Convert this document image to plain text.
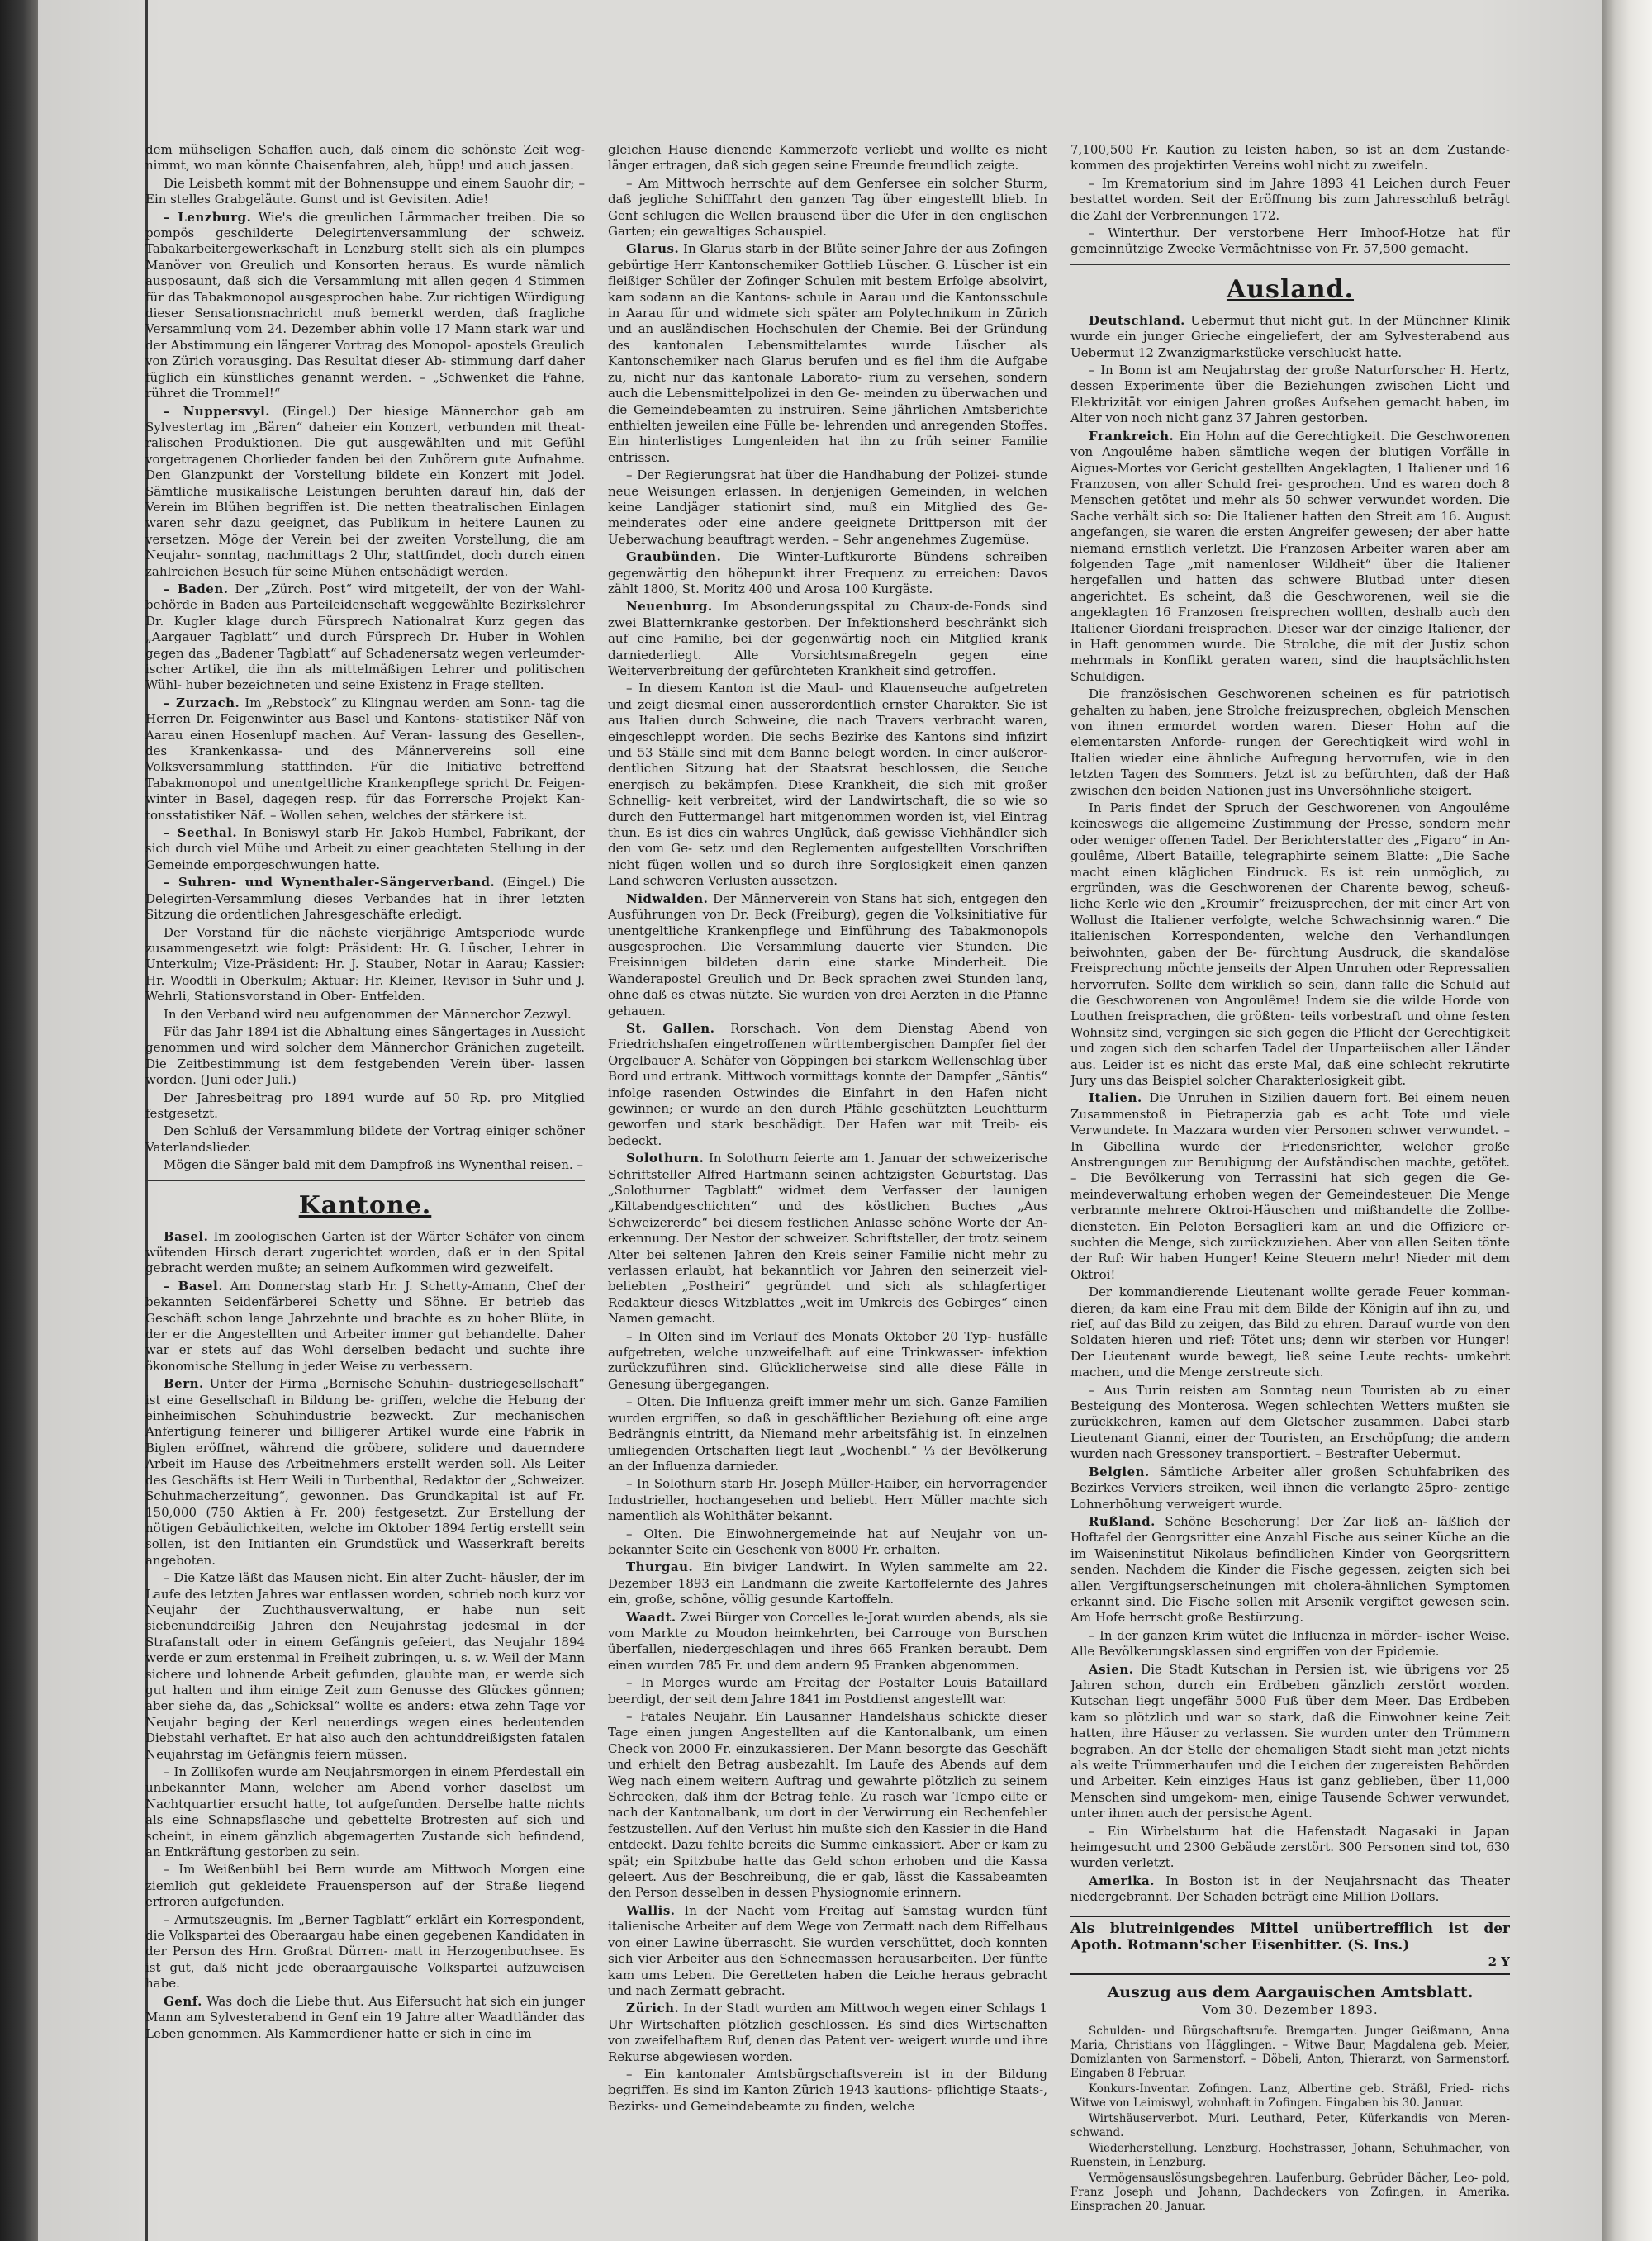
dem mühseligen Schaffen auch, daß einem die schönste Zeit weg- nimmt, wo man könnte Chaisenfahren, aleh, hüpp! und auch jassen.

Die Leisbeth kommt mit der Bohnensuppe und einem Sauohr dir; – Ein stelles Grabgeläute. Gunst und ist Gevisiten. Adie!

– Lenzburg. Wie's die greulichen Lärmmacher treiben. Die so pompös geschilderte Delegirtenversammlung der schweiz. Tabakarbeitergewerkschaft in Lenzburg stellt sich als ein plumpes Manöver von Greulich und Konsorten heraus. Es wurde nämlich ausposaunt, daß sich die Versammlung mit allen gegen 4 Stimmen für das Tabakmonopol ausgesprochen habe. Zur richtigen Würdigung dieser Sensationsnachricht muß bemerkt werden, daß fragliche Versammlung vom 24. Dezember abhin volle 17 Mann stark war und der Abstimmung ein längerer Vortrag des Monopol- apostels Greulich von Zürich vorausging. Das Resultat dieser Ab- stimmung darf daher füglich ein künstliches genannt werden. – „Schwenket die Fahne, rühret die Trommel!“

– Nuppersvyl. (Eingel.) Der hiesige Männerchor gab am Sylvestertag im „Bären“ daheier ein Konzert, verbunden mit theat- ralischen Produktionen. Die gut ausgewählten und mit Gefühl vorgetragenen Chorlieder fanden bei den Zuhörern gute Aufnahme. Den Glanzpunkt der Vorstellung bildete ein Konzert mit Jodel. Sämtliche musikalische Leistungen beruhten darauf hin, daß der Verein im Blühen begriffen ist. Die netten theatralischen Einlagen waren sehr dazu geeignet, das Publikum in heitere Launen zu versetzen. Möge der Verein bei der zweiten Vorstellung, die am Neujahr- sonntag, nachmittags 2 Uhr, stattfindet, doch durch einen zahlreichen Besuch für seine Mühen entschädigt werden.

– Baden. Der „Zürch. Post“ wird mitgeteilt, der von der Wahl- behörde in Baden aus Parteileidenschaft weggewählte Bezirkslehrer Dr. Kugler klage durch Fürsprech Nationalrat Kurz gegen das „Aargauer Tagblatt“ und durch Fürsprech Dr. Huber in Wohlen gegen das „Badener Tagblatt“ auf Schadenersatz wegen verleumder- ischer Artikel, die ihn als mittelmäßigen Lehrer und politischen Wühl- huber bezeichneten und seine Existenz in Frage stellten.

– Zurzach. Im „Rebstock“ zu Klingnau werden am Sonn- tag die Herren Dr. Feigenwinter aus Basel und Kantons- statistiker Näf von Aarau einen Hosenlupf machen. Auf Veran- lassung des Gesellen-, des Krankenkassa- und des Männervereins soll eine Volksversammlung stattfinden. Für die Initiative betreffend Tabakmonopol und unentgeltliche Krankenpflege spricht Dr. Feigen- winter in Basel, dagegen resp. für das Forrersche Projekt Kan- tonsstatistiker Näf. – Wollen sehen, welches der stärkere ist.

– Seethal. In Boniswyl starb Hr. Jakob Humbel, Fabrikant, der sich durch viel Mühe und Arbeit zu einer geachteten Stellung in der Gemeinde emporgeschwungen hatte.

– Suhren- und Wynenthaler-Sängerverband. (Eingel.) Die Delegirten-Versammlung dieses Verbandes hat in ihrer letzten Sitzung die ordentlichen Jahresgeschäfte erledigt.

Der Vorstand für die nächste vierjährige Amtsperiode wurde zusammengesetzt wie folgt: Präsident: Hr. G. Lüscher, Lehrer in Unterkulm; Vize-Präsident: Hr. J. Stauber, Notar in Aarau; Kassier: Hr. Woodtli in Oberkulm; Aktuar: Hr. Kleiner, Revisor in Suhr und J. Wehrli, Stationsvorstand in Ober- Entfelden.

In den Verband wird neu aufgenommen der Männerchor Zezwyl.

Für das Jahr 1894 ist die Abhaltung eines Sängertages in Aussicht genommen und wird solcher dem Männerchor Gränichen zugeteilt. Die Zeitbestimmung ist dem festgebenden Verein über- lassen worden. (Juni oder Juli.)

Der Jahresbeitrag pro 1894 wurde auf 50 Rp. pro Mitglied festgesetzt.

Den Schluß der Versammlung bildete der Vortrag einiger schöner Vaterlandslieder.

Mögen die Sänger bald mit dem Dampfroß ins Wynenthal reisen. –

Kantone.

Basel. Im zoologischen Garten ist der Wärter Schäfer von einem wütenden Hirsch derart zugerichtet worden, daß er in den Spital gebracht werden mußte; an seinem Aufkommen wird gezweifelt.

– Basel. Am Donnerstag starb Hr. J. Schetty-Amann, Chef der bekannten Seidenfärberei Schetty und Söhne. Er betrieb das Geschäft schon lange Jahrzehnte und brachte es zu hoher Blüte, in der er die Angestellten und Arbeiter immer gut behandelte. Daher war er stets auf das Wohl derselben bedacht und suchte ihre ökonomische Stellung in jeder Weise zu verbessern.

Bern. Unter der Firma „Bernische Schuhin- dustriegesellschaft“ ist eine Gesellschaft in Bildung be- griffen, welche die Hebung der einheimischen Schuhindustrie bezweckt. Zur mechanischen Anfertigung feinerer und billigerer Artikel wurde eine Fabrik in Biglen eröffnet, während die gröbere, solidere und dauerndere Arbeit im Hause des Arbeitnehmers erstellt werden soll. Als Leiter des Geschäfts ist Herr Weili in Turbenthal, Redaktor der „Schweizer. Schuhmacherzeitung“, gewonnen. Das Grundkapital ist auf Fr. 150,000 (750 Aktien à Fr. 200) festgesetzt. Zur Erstellung der nötigen Gebäulichkeiten, welche im Oktober 1894 fertig erstellt sein sollen, ist den Initianten ein Grundstück und Wasserkraft bereits angeboten.

– Die Katze läßt das Mausen nicht. Ein alter Zucht- häusler, der im Laufe des letzten Jahres war entlassen worden, schrieb noch kurz vor Neujahr der Zuchthausverwaltung, er habe nun seit siebenunddreißig Jahren den Neujahrstag jedesmal in der Strafanstalt oder in einem Gefängnis gefeiert, das Neujahr 1894 werde er zum erstenmal in Freiheit zubringen, u. s. w. Weil der Mann sichere und lohnende Arbeit gefunden, glaubte man, er werde sich gut halten und ihm einige Zeit zum Genusse des Glückes gönnen; aber siehe da, das „Schicksal“ wollte es anders: etwa zehn Tage vor Neujahr beging der Kerl neuerdings wegen eines bedeutenden Diebstahl verhaftet. Er hat also auch den achtunddreißigsten fatalen Neujahrstag im Gefängnis feiern müssen.

– In Zollikofen wurde am Neujahrsmorgen in einem Pferdestall ein unbekannter Mann, welcher am Abend vorher daselbst um Nachtquartier ersucht hatte, tot aufgefunden. Derselbe hatte nichts als eine Schnapsflasche und gebettelte Brotresten auf sich und scheint, in einem gänzlich abgemagerten Zustande sich befindend, an Entkräftung gestorben zu sein.

– Im Weißenbühl bei Bern wurde am Mittwoch Morgen eine ziemlich gut gekleidete Frauensperson auf der Straße liegend erfroren aufgefunden.

– Armutszeugnis. Im „Berner Tagblatt“ erklärt ein Korrespondent, die Volkspartei des Oberaargau habe einen gegebenen Kandidaten in der Person des Hrn. Großrat Dürren- matt in Herzogenbuchsee. Es ist gut, daß nicht jede oberaargauische Volkspartei aufzuweisen habe.

Genf. Was doch die Liebe thut. Aus Eifersucht hat sich ein junger Mann am Sylvesterabend in Genf ein 19 Jahre alter Waadtländer das Leben genommen. Als Kammerdiener hatte er sich in eine im

gleichen Hause dienende Kammerzofe verliebt und wollte es nicht länger ertragen, daß sich gegen seine Freunde freundlich zeigte.

– Am Mittwoch herrschte auf dem Genfersee ein solcher Sturm, daß jegliche Schifffahrt den ganzen Tag über eingestellt blieb. In Genf schlugen die Wellen brausend über die Ufer in den englischen Garten; ein gewaltiges Schauspiel.

Glarus. In Glarus starb in der Blüte seiner Jahre der aus Zofingen gebürtige Herr Kantonschemiker Gottlieb Lüscher. G. Lüscher ist ein fleißiger Schüler der Zofinger Schulen mit bestem Erfolge absolvirt, kam sodann an die Kantons- schule in Aarau und die Kantonsschule in Aarau für und widmete sich später am Polytechnikum in Zürich und an ausländischen Hochschulen der Chemie. Bei der Gründung des kantonalen Lebensmittelamtes wurde Lüscher als Kantonschemiker nach Glarus berufen und es fiel ihm die Aufgabe zu, nicht nur das kantonale Laborato- rium zu versehen, sondern auch die Lebensmittelpolizei in den Ge- meinden zu überwachen und die Gemeindebeamten zu instruiren. Seine jährlichen Amtsberichte enthielten jeweilen eine Fülle be- lehrenden und anregenden Stoffes. Ein hinterlistiges Lungenleiden hat ihn zu früh seiner Familie entrissen.

– Der Regierungsrat hat über die Handhabung der Polizei- stunde neue Weisungen erlassen. In denjenigen Gemeinden, in welchen keine Landjäger stationirt sind, muß ein Mitglied des Ge- meinderates oder eine andere geeignete Drittperson mit der Ueberwachung beauftragt werden. – Sehr angenehmes Zugemüse.

Graubünden. Die Winter-Luftkurorte Bündens schreiben gegenwärtig den höhepunkt ihrer Frequenz zu erreichen: Davos zählt 1800, St. Moritz 400 und Arosa 100 Kurgäste.

Neuenburg. Im Absonderungsspital zu Chaux-de-Fonds sind zwei Blatternkranke gestorben. Der Infektionsherd beschränkt sich auf eine Familie, bei der gegenwärtig noch ein Mitglied krank darniederliegt. Alle Vorsichtsmaßregeln gegen eine Weiterverbreitung der gefürchteten Krankheit sind getroffen.

– In diesem Kanton ist die Maul- und Klauenseuche aufgetreten und zeigt diesmal einen ausserordentlich ernster Charakter. Sie ist aus Italien durch Schweine, die nach Travers verbracht waren, eingeschleppt worden. Die sechs Bezirke des Kantons sind infizirt und 53 Ställe sind mit dem Banne belegt worden. In einer außeror- dentlichen Sitzung hat der Staatsrat beschlossen, die Seuche energisch zu bekämpfen. Diese Krankheit, die sich mit großer Schnellig- keit verbreitet, wird der Landwirtschaft, die so wie so durch den Futtermangel hart mitgenommen worden ist, viel Eintrag thun. Es ist dies ein wahres Unglück, daß gewisse Viehhändler sich den vom Ge- setz und den Reglementen aufgestellten Vorschriften nicht fügen wollen und so durch ihre Sorglosigkeit einen ganzen Land schweren Verlusten aussetzen.

Nidwalden. Der Männerverein von Stans hat sich, entgegen den Ausführungen von Dr. Beck (Freiburg), gegen die Volksinitiative für unentgeltliche Krankenpflege und Einführung des Tabakmonopols ausgesprochen. Die Versammlung dauerte vier Stunden. Die Freisinnigen bildeten darin eine starke Minderheit. Die Wanderapostel Greulich und Dr. Beck sprachen zwei Stunden lang, ohne daß es etwas nützte. Sie wurden von drei Aerzten in die Pfanne gehauen.

St. Gallen. Rorschach. Von dem Dienstag Abend von Friedrichshafen eingetroffenen württembergischen Dampfer fiel der Orgelbauer A. Schäfer von Göppingen bei starkem Wellenschlag über Bord und ertrank. Mittwoch vormittags konnte der Dampfer „Säntis“ infolge rasenden Ostwindes die Einfahrt in den Hafen nicht gewinnen; er wurde an den durch Pfähle geschützten Leuchtturm geworfen und stark beschädigt. Der Hafen war mit Treib- eis bedeckt.

Solothurn. In Solothurn feierte am 1. Januar der schweizerische Schriftsteller Alfred Hartmann seinen achtzigsten Geburtstag. Das „Solothurner Tagblatt“ widmet dem Verfasser der launigen „Kiltabendgeschichten“ und des köstlichen Buches „Aus Schweizererde“ bei diesem festlichen Anlasse schöne Worte der An- erkennung. Der Nestor der schweizer. Schriftsteller, der trotz seinem Alter bei seltenen Jahren den Kreis seiner Familie nicht mehr zu verlassen erlaubt, hat bekanntlich vor Jahren den seinerzeit viel- beliebten „Postheiri“ gegründet und sich als schlagfertiger Redakteur dieses Witzblattes „weit im Umkreis des Gebirges“ einen Namen gemacht.

– In Olten sind im Verlauf des Monats Oktober 20 Typ- husfälle aufgetreten, welche unzweifelhaft auf eine Trinkwasser- infektion zurückzuführen sind. Glücklicherweise sind alle diese Fälle in Genesung übergegangen.

– Olten. Die Influenza greift immer mehr um sich. Ganze Familien wurden ergriffen, so daß in geschäftlicher Beziehung oft eine arge Bedrängnis eintritt, da Niemand mehr arbeitsfähig ist. In einzelnen umliegenden Ortschaften liegt laut „Wochenbl.“ ⅓ der Bevölkerung an der Influenza darnieder.

– In Solothurn starb Hr. Joseph Müller-Haiber, ein hervorragender Industrieller, hochangesehen und beliebt. Herr Müller machte sich namentlich als Wohlthäter bekannt.

– Olten. Die Einwohnergemeinde hat auf Neujahr von un- bekannter Seite ein Geschenk von 8000 Fr. erhalten.

Thurgau. Ein biviger Landwirt. In Wylen sammelte am 22. Dezember 1893 ein Landmann die zweite Kartoffelernte des Jahres ein, große, schöne, völlig gesunde Kartoffeln.

Waadt. Zwei Bürger von Corcelles le-Jorat wurden abends, als sie vom Markte zu Moudon heimkehrten, bei Carrouge von Burschen überfallen, niedergeschlagen und ihres 665 Franken beraubt. Dem einen wurden 785 Fr. und dem andern 95 Franken abgenommen.

– In Morges wurde am Freitag der Postalter Louis Bataillard beerdigt, der seit dem Jahre 1841 im Postdienst angestellt war.

– Fatales Neujahr. Ein Lausanner Handelshaus schickte dieser Tage einen jungen Angestellten auf die Kantonalbank, um einen Check von 2000 Fr. einzukassieren. Der Mann besorgte das Geschäft und erhielt den Betrag ausbezahlt. Im Laufe des Abends auf dem Weg nach einem weitern Auftrag und gewahrte plötzlich zu seinem Schrecken, daß ihm der Betrag fehle. Zu rasch war Tempo eilte er nach der Kantonalbank, um dort in der Verwirrung ein Rechenfehler festzustellen. Auf den Verlust hin mußte sich den Kassier in die Hand entdeckt. Dazu fehlte bereits die Summe einkassiert. Aber er kam zu spät; ein Spitzbube hatte das Geld schon erhoben und die Kassa geleert. Aus der Beschreibung, die er gab, lässt die Kassabeamten den Person desselben in dessen Physiognomie erinnern.

Wallis. In der Nacht vom Freitag auf Samstag wurden fünf italienische Arbeiter auf dem Wege von Zermatt nach dem Riffelhaus von einer Lawine überrascht. Sie wurden verschüttet, doch konnten sich vier Arbeiter aus den Schneemassen herausarbeiten. Der fünfte kam ums Leben. Die Geretteten haben die Leiche heraus gebracht und nach Zermatt gebracht.

Zürich. In der Stadt wurden am Mittwoch wegen einer Schlags 1 Uhr Wirtschaften plötzlich geschlossen. Es sind dies Wirtschaften von zweifelhaftem Ruf, denen das Patent ver- weigert wurde und ihre Rekurse abgewiesen worden.

– Ein kantonaler Amtsbürgschaftsverein ist in der Bildung begriffen. Es sind im Kanton Zürich 1943 kautions- pflichtige Staats-, Bezirks- und Gemeindebeamte zu finden, welche

7,100,500 Fr. Kaution zu leisten haben, so ist an dem Zustande- kommen des projektirten Vereins wohl nicht zu zweifeln.

– Im Krematorium sind im Jahre 1893 41 Leichen durch Feuer bestattet worden. Seit der Eröffnung bis zum Jahresschluß beträgt die Zahl der Verbrennungen 172.

– Winterthur. Der verstorbene Herr Imhoof-Hotze hat für gemeinnützige Zwecke Vermächtnisse von Fr. 57,500 gemacht.

Ausland.

Deutschland. Uebermut thut nicht gut. In der Münchner Klinik wurde ein junger Grieche eingeliefert, der am Sylvesterabend aus Uebermut 12 Zwanzigmarkstücke verschluckt hatte.

– In Bonn ist am Neujahrstag der große Naturforscher H. Hertz, dessen Experimente über die Beziehungen zwischen Licht und Elektrizität vor einigen Jahren großes Aufsehen gemacht haben, im Alter von noch nicht ganz 37 Jahren gestorben.

Frankreich. Ein Hohn auf die Gerechtigkeit. Die Geschworenen von Angoulême haben sämtliche wegen der blutigen Vorfälle in Aigues-Mortes vor Gericht gestellten Angeklagten, 1 Italiener und 16 Franzosen, von aller Schuld frei- gesprochen. Und es waren doch 8 Menschen getötet und mehr als 50 schwer verwundet worden. Die Sache verhält sich so: Die Italiener hatten den Streit am 16. August angefangen, sie waren die ersten Angreifer gewesen; der aber hatte niemand ernstlich verletzt. Die Franzosen Arbeiter waren aber am folgenden Tage „mit namenloser Wildheit“ über die Italiener hergefallen und hatten das schwere Blutbad unter diesen angerichtet. Es scheint, daß die Geschworenen, weil sie die angeklagten 16 Franzosen freisprechen wollten, deshalb auch den Italiener Giordani freisprachen. Dieser war der einzige Italiener, der in Haft genommen wurde. Die Strolche, die mit der Justiz schon mehrmals in Konflikt geraten waren, sind die hauptsächlichsten Schuldigen.

Die französischen Geschworenen scheinen es für patriotisch gehalten zu haben, jene Strolche freizusprechen, obgleich Menschen von ihnen ermordet worden waren. Dieser Hohn auf die elementarsten Anforde- rungen der Gerechtigkeit wird wohl in Italien wieder eine ähnliche Aufregung hervorrufen, wie in den letzten Tagen des Sommers. Jetzt ist zu befürchten, daß der Haß zwischen den beiden Nationen just ins Unversöhnliche steigert.

In Paris findet der Spruch der Geschworenen von Angoulême keineswegs die allgemeine Zustimmung der Presse, sondern mehr oder weniger offenen Tadel. Der Berichterstatter des „Figaro“ in An- goulême, Albert Bataille, telegraphirte seinem Blatte: „Die Sache macht einen kläglichen Eindruck. Es ist rein unmöglich, zu ergründen, was die Geschworenen der Charente bewog, scheuß- liche Kerle wie den „Kroumir“ freizusprechen, der mit einer Art von Wollust die Italiener verfolgte, welche Schwachsinnig waren.“ Die italienischen Korrespondenten, welche den Verhandlungen beiwohnten, gaben der Be- fürchtung Ausdruck, die skandalöse Freisprechung möchte jenseits der Alpen Unruhen oder Repressalien hervorrufen. Sollte dem wirklich so sein, dann falle die Schuld auf die Geschworenen von Angoulême! Indem sie die wilde Horde von Louthen freisprachen, die größten- teils vorbestraft und ohne festen Wohnsitz sind, vergingen sie sich gegen die Pflicht der Gerechtigkeit und zogen sich den scharfen Tadel der Unparteiischen aller Länder aus. Leider ist es nicht das erste Mal, daß eine schlecht rekrutirte Jury uns das Beispiel solcher Charakterlosigkeit gibt.

Italien. Die Unruhen in Sizilien dauern fort. Bei einem neuen Zusammenstoß in Pietraperzia gab es acht Tote und viele Verwundete. In Mazzara wurden vier Personen schwer verwundet. – In Gibellina wurde der Friedensrichter, welcher große Anstrengungen zur Beruhigung der Aufständischen machte, getötet. – Die Bevölkerung von Terrassini hat sich gegen die Ge- meindeverwaltung erhoben wegen der Gemeindesteuer. Die Menge verbrannte mehrere Oktroi-Häuschen und mißhandelte die Zollbe- diensteten. Ein Peloton Bersaglieri kam an und die Offiziere er- suchten die Menge, sich zurückzuziehen. Aber von allen Seiten tönte der Ruf: Wir haben Hunger! Keine Steuern mehr! Nieder mit dem Oktroi!

Der kommandierende Lieutenant wollte gerade Feuer komman- dieren; da kam eine Frau mit dem Bilde der Königin auf ihn zu, und rief, auf das Bild zu zeigen, das Bild zu ehren. Darauf wurde von den Soldaten hieren und rief: Tötet uns; denn wir sterben vor Hunger! Der Lieutenant wurde bewegt, ließ seine Leute rechts- umkehrt machen, und die Menge zerstreute sich.

– Aus Turin reisten am Sonntag neun Touristen ab zu einer Besteigung des Monterosa. Wegen schlechten Wetters mußten sie zurückkehren, kamen auf dem Gletscher zusammen. Dabei starb Lieutenant Gianni, einer der Touristen, an Erschöpfung; die andern wurden nach Gressoney transportiert. – Bestrafter Uebermut.

Belgien. Sämtliche Arbeiter aller großen Schuhfabriken des Bezirkes Verviers streiken, weil ihnen die verlangte 25pro- zentige Lohnerhöhung verweigert wurde.

Rußland. Schöne Bescherung! Der Zar ließ an- läßlich der Hoftafel der Georgsritter eine Anzahl Fische aus seiner Küche an die im Waiseninstitut Nikolaus befindlichen Kinder von Georgsrittern senden. Nachdem die Kinder die Fische gegessen, zeigten sich bei allen Vergiftungserscheinungen mit cholera-ähnlichen Symptomen erkannt sind. Die Fische sollen mit Arsenik vergiftet gewesen sein. Am Hofe herrscht große Bestürzung.

– In der ganzen Krim wütet die Influenza in mörder- ischer Weise. Alle Bevölkerungsklassen sind ergriffen von der Epidemie.

Asien. Die Stadt Kutschan in Persien ist, wie übrigens vor 25 Jahren schon, durch ein Erdbeben gänzlich zerstört worden. Kutschan liegt ungefähr 5000 Fuß über dem Meer. Das Erdbeben kam so plötzlich und war so stark, daß die Einwohner keine Zeit hatten, ihre Häuser zu verlassen. Sie wurden unter den Trümmern begraben. An der Stelle der ehemaligen Stadt sieht man jetzt nichts als weite Trümmerhaufen und die Leichen der zugereisten Behörden und Arbeiter. Kein einziges Haus ist ganz geblieben, über 11,000 Menschen sind umgekom- men, einige Tausende Schwer verwundet, unter ihnen auch der persische Agent.

– Ein Wirbelsturm hat die Hafenstadt Nagasaki in Japan heimgesucht und 2300 Gebäude zerstört. 300 Personen sind tot, 630 wurden verletzt.

Amerika. In Boston ist in der Neujahrsnacht das Theater niedergebrannt. Der Schaden beträgt eine Million Dollars.

Als blutreinigendes Mittel unübertrefflich ist der Apoth. Rotmann'scher Eisenbitter. (S. Ins.)
2 Y
Auszug aus dem Aargauischen Amtsblatt.
Vom 30. Dezember 1893.

Schulden- und Bürgschaftsrufe. Bremgarten. Junger Geißmann, Anna Maria, Christians von Hägglingen. – Witwe Baur, Magdalena geb. Meier, Domizlanten von Sarmenstorf. – Döbeli, Anton, Thierarzt, von Sarmenstorf. Eingaben 8 Februar.

Konkurs-Inventar. Zofingen. Lanz, Albertine geb. Sträßl, Fried- richs Witwe von Leimiswyl, wohnhaft in Zofingen. Eingaben bis 30. Januar.

Wirtshäuserverbot. Muri. Leuthard, Peter, Küferkandis von Meren- schwand.

Wiederherstellung. Lenzburg. Hochstrasser, Johann, Schuhmacher, von Ruenstein, in Lenzburg.

Vermögensauslösungsbegehren. Laufenburg. Gebrüder Bächer, Leo- pold, Franz Joseph und Johann, Dachdeckers von Zofingen, in Amerika. Einsprachen 20. Januar.
